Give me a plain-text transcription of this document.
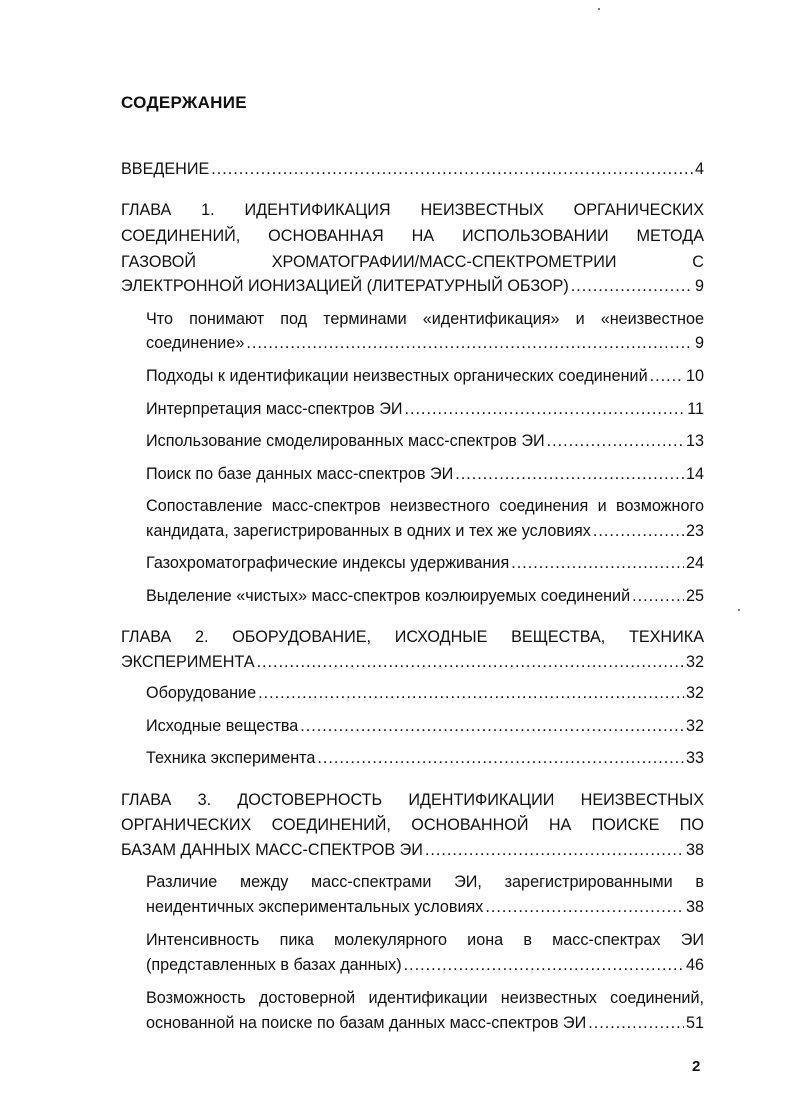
СОДЕРЖАНИЕ
ВВЕДЕНИЕ .....	4
ГЛАВА 1. ИДЕНТИФИКАЦИЯ НЕИЗВЕСТНЫХ ОРГАНИЧЕСКИХ
СОЕДИНЕНИЙ, ОСНОВАННАЯ НА ИСПОЛЬЗОВАНИИ МЕТОДА
ГАЗОВОЙ ХРОМАТОГРАФИИ/МАСС-СПЕКТРОМЕТРИИ С
ЭЛЕКТРОННОЙ ИОНИЗАЦИЕЙ (ЛИТЕРАТУРНЫЙ ОБЗОР) .....	9
Что понимают под терминами «идентификация» и «неизвестное
соединение» .....	9
Подходы к идентификации неизвестных органических соединений ..... 10
Интерпретация масс-спектров ЭИ .....	11
Использование смоделированных масс-спектров ЭИ .....	13
Поиск по базе данных масс-спектров ЭИ .....	14
Сопоставление масс-спектров неизвестного соединения и возможного
кандидата, зарегистрированных в одних и тех же условиях .....	23
Газохроматографические индексы удерживания .....	24
Выделение «чистых» масс-спектров коэлюируемых соединений .....	25
ГЛАВА 2. ОБОРУДОВАНИЕ, ИСХОДНЫЕ ВЕЩЕСТВА, ТЕХНИКА
ЭКСПЕРИМЕНТА .....	32
Оборудование .....	32
Исходные вещества .....	32
Техника эксперимента .....	33
ГЛАВА 3. ДОСТОВЕРНОСТЬ ИДЕНТИФИКАЦИИ НЕИЗВЕСТНЫХ
ОРГАНИЧЕСКИХ СОЕДИНЕНИЙ, ОСНОВАННОЙ НА ПОИСКЕ ПО
БАЗАМ ДАННЫХ МАСС-СПЕКТРОВ ЭИ .....	38
Различие между масс-спектрами ЭИ, зарегистрированными в
неидентичных экспериментальных условиях .....	38
Интенсивность пика молекулярного иона в масс-спектрах ЭИ
(представленных в базах данных) .....	46
Возможность достоверной идентификации неизвестных соединений,
основанной на поиске по базам данных масс-спектров ЭИ .....	51
2
